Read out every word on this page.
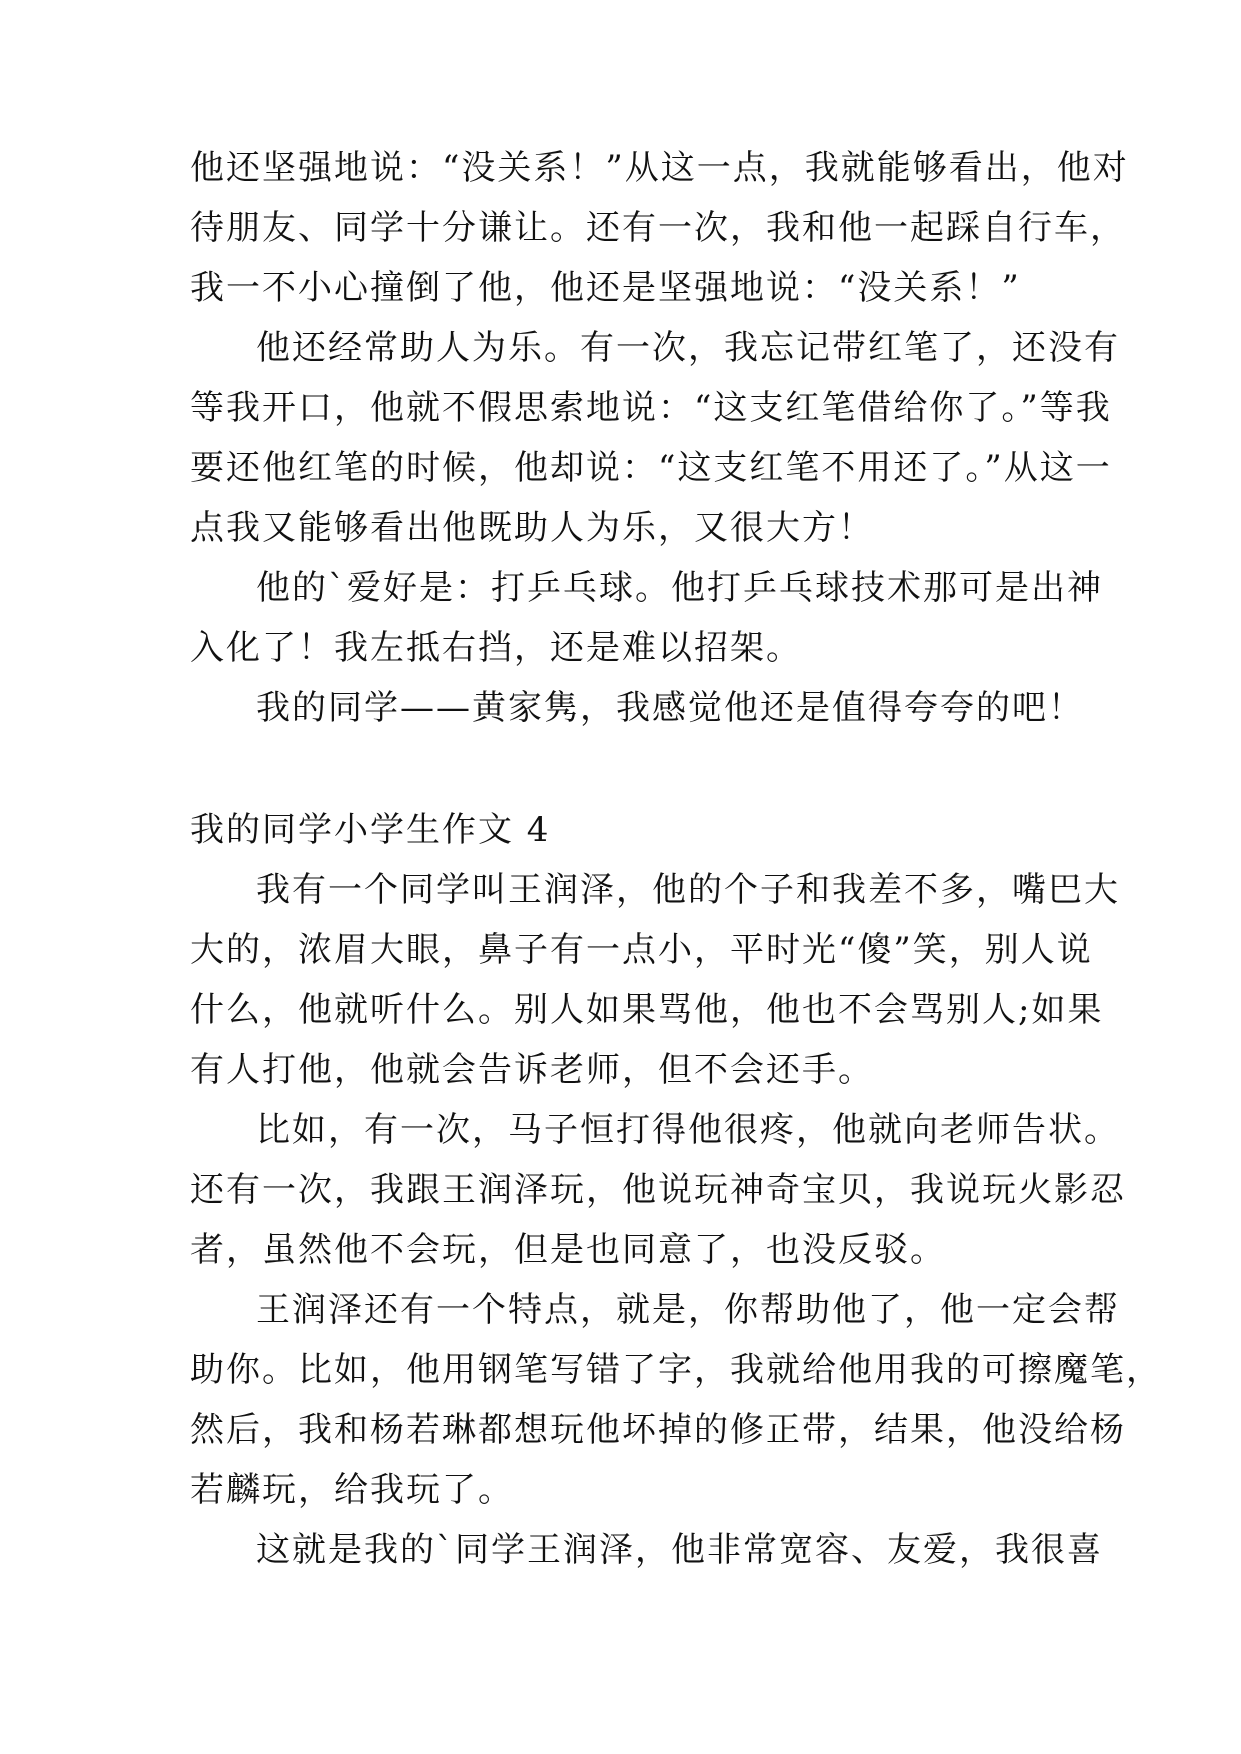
他还坚强地说：“没关系！”从这一点，我就能够看出，他对
待朋友、同学十分谦让。还有一次，我和他一起踩自行车，
我一不小心撞倒了他，他还是坚强地说：“没关系！”
他还经常助人为乐。有一次，我忘记带红笔了，还没有
等我开口，他就不假思索地说：“这支红笔借给你了。”等我
要还他红笔的时候，他却说：“这支红笔不用还了。”从这一
点我又能够看出他既助人为乐，又很大方！
他的`爱好是：打乒乓球。他打乒乓球技术那可是出神
入化了！我左抵右挡，还是难以招架。
我的同学——黄家隽，我感觉他还是值得夸夸的吧！
我的同学小学生作文 4
我有一个同学叫王润泽，他的个子和我差不多，嘴巴大
大的，浓眉大眼，鼻子有一点小，平时光“傻”笑，别人说
什么，他就听什么。别人如果骂他，他也不会骂别人;如果
有人打他，他就会告诉老师，但不会还手。
比如，有一次，马子恒打得他很疼，他就向老师告状。
还有一次，我跟王润泽玩，他说玩神奇宝贝，我说玩火影忍
者，虽然他不会玩，但是也同意了，也没反驳。
王润泽还有一个特点，就是，你帮助他了，他一定会帮
助你。比如，他用钢笔写错了字，我就给他用我的可擦魔笔，
然后，我和杨若琳都想玩他坏掉的修正带，结果，他没给杨
若麟玩，给我玩了。
这就是我的`同学王润泽，他非常宽容、友爱，我很喜
